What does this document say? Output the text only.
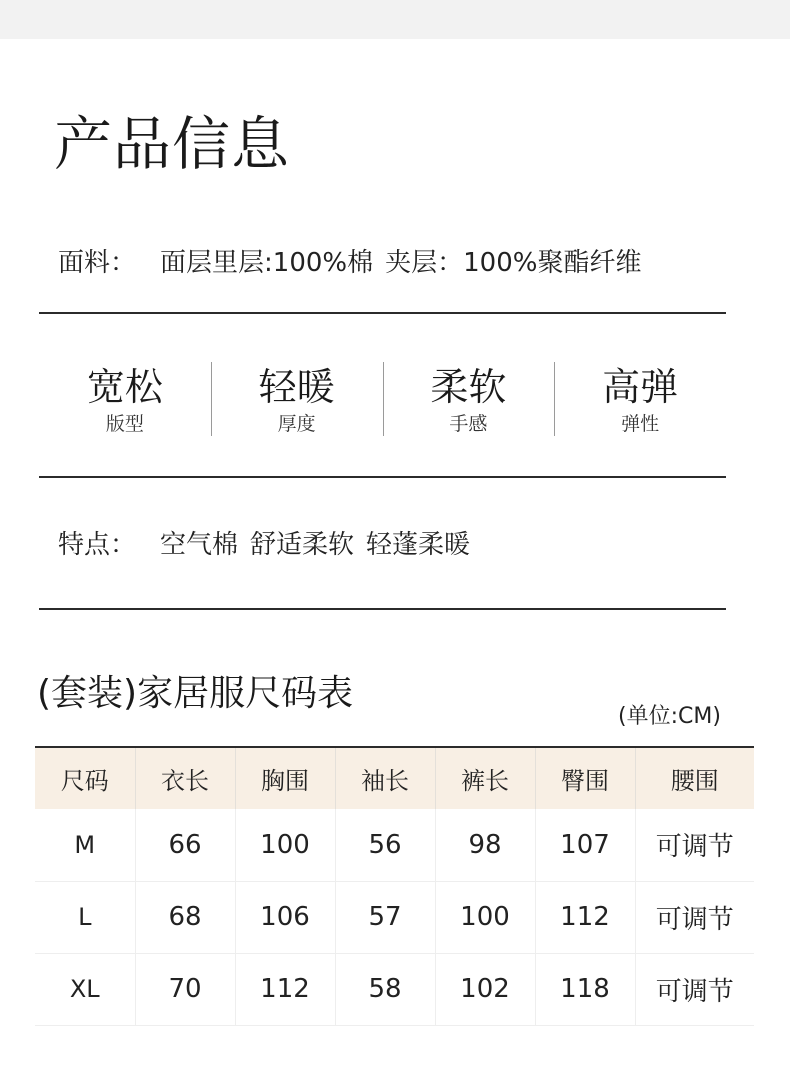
产品信息
面料： 面层里层:100%棉 夹层：100%聚酯纤维
宽松
版型
轻暖
厚度
柔软
手感
高弹
弹性
特点： 空气棉 舒适柔软 轻蓬柔暖
(套装)家居服尺码表
(单位:CM)
尺码	衣长	胸围	袖长	裤长	臀围	腰围
M	66	100	56	98	107	可调节
L	68	106	57	100	112	可调节
XL	70	112	58	102	118	可调节
